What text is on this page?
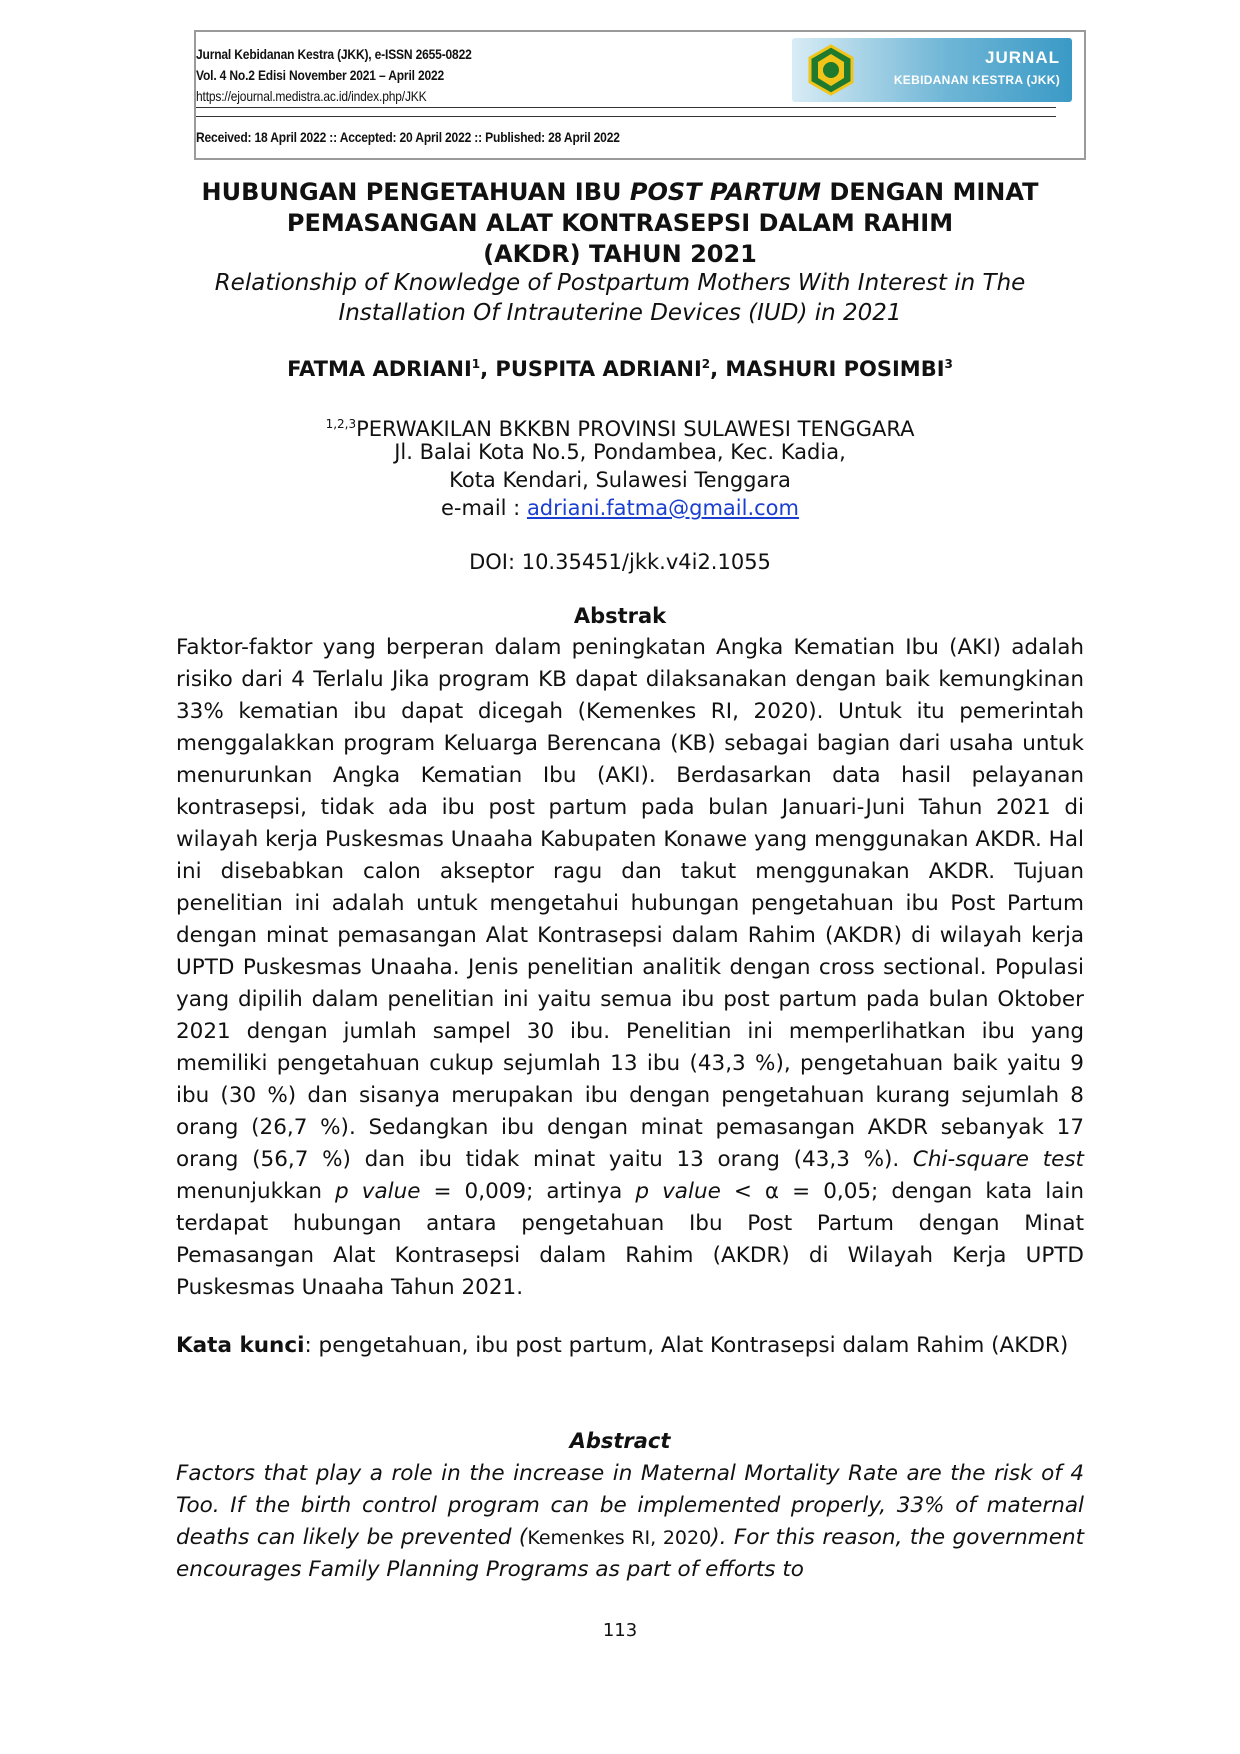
Jurnal Kebidanan Kestra (JKK), e-ISSN 2655-0822
Vol. 4 No.2 Edisi November 2021 – April 2022
https://ejournal.medistra.ac.id/index.php/JKK
Received: 18 April 2022 :: Accepted: 20 April 2022 :: Published: 28 April 2022
JURNAL
KEBIDANAN KESTRA (JKK)
HUBUNGAN PENGETAHUAN IBU POST PARTUM DENGAN MINAT
PEMASANGAN ALAT KONTRASEPSI DALAM RAHIM
(AKDR) TAHUN 2021
Relationship of Knowledge of Postpartum Mothers With Interest in The
Installation Of Intrauterine Devices (IUD) in 2021
FATMA ADRIANI$^1$, PUSPITA ADRIANI$^2$, MASHURI POSIMBI$^3$
$^{1,2,3}$PERWAKILAN BKKBN PROVINSI SULAWESI TENGGARA
Jl. Balai Kota No.5, Pondambea, Kec. Kadia,
Kota Kendari, Sulawesi Tenggara
e-mail : adriani.fatma@gmail.com
DOI: 10.35451/jkk.v4i2.1055
Abstrak
Faktor-faktor yang berperan dalam peningkatan Angka Kematian Ibu (AKI) adalah risiko dari 4 Terlalu Jika program KB dapat dilaksanakan dengan baik kemungkinan 33% kematian ibu dapat dicegah (Kemenkes RI, 2020). Untuk itu pemerintah menggalakkan program Keluarga Berencana (KB) sebagai bagian dari usaha untuk menurunkan Angka Kematian Ibu (AKI). Berdasarkan data hasil pelayanan kontrasepsi, tidak ada ibu post partum pada bulan Januari-Juni Tahun 2021 di wilayah kerja Puskesmas Unaaha Kabupaten Konawe yang menggunakan AKDR. Hal ini disebabkan calon akseptor ragu dan takut menggunakan AKDR. Tujuan penelitian ini adalah untuk mengetahui hubungan pengetahuan ibu Post Partum dengan minat pemasangan Alat Kontrasepsi dalam Rahim (AKDR) di wilayah kerja UPTD Puskesmas Unaaha. Jenis penelitian analitik dengan cross sectional. Populasi yang dipilih dalam penelitian ini yaitu semua ibu post partum pada bulan Oktober 2021 dengan jumlah sampel 30 ibu. Penelitian ini memperlihatkan ibu yang memiliki pengetahuan cukup sejumlah 13 ibu (43,3 %), pengetahuan baik yaitu 9 ibu (30 %) dan sisanya merupakan ibu dengan pengetahuan kurang sejumlah 8 orang (26,7 %). Sedangkan ibu dengan minat pemasangan AKDR sebanyak 17 orang (56,7 %) dan ibu tidak minat yaitu 13 orang (43,3 %). Chi-square test menunjukkan p value = 0,009; artinya p value < α = 0,05; dengan kata lain terdapat hubungan antara pengetahuan Ibu Post Partum dengan Minat Pemasangan Alat Kontrasepsi dalam Rahim (AKDR) di Wilayah Kerja UPTD Puskesmas Unaaha Tahun 2021.
Kata kunci: pengetahuan, ibu post partum, Alat Kontrasepsi dalam Rahim (AKDR)
Abstract
Factors that play a role in the increase in Maternal Mortality Rate are the risk of 4 Too. If the birth control program can be implemented properly, 33% of maternal deaths can likely be prevented (Kemenkes RI, 2020). For this reason, the government encourages Family Planning Programs as part of efforts to
113
